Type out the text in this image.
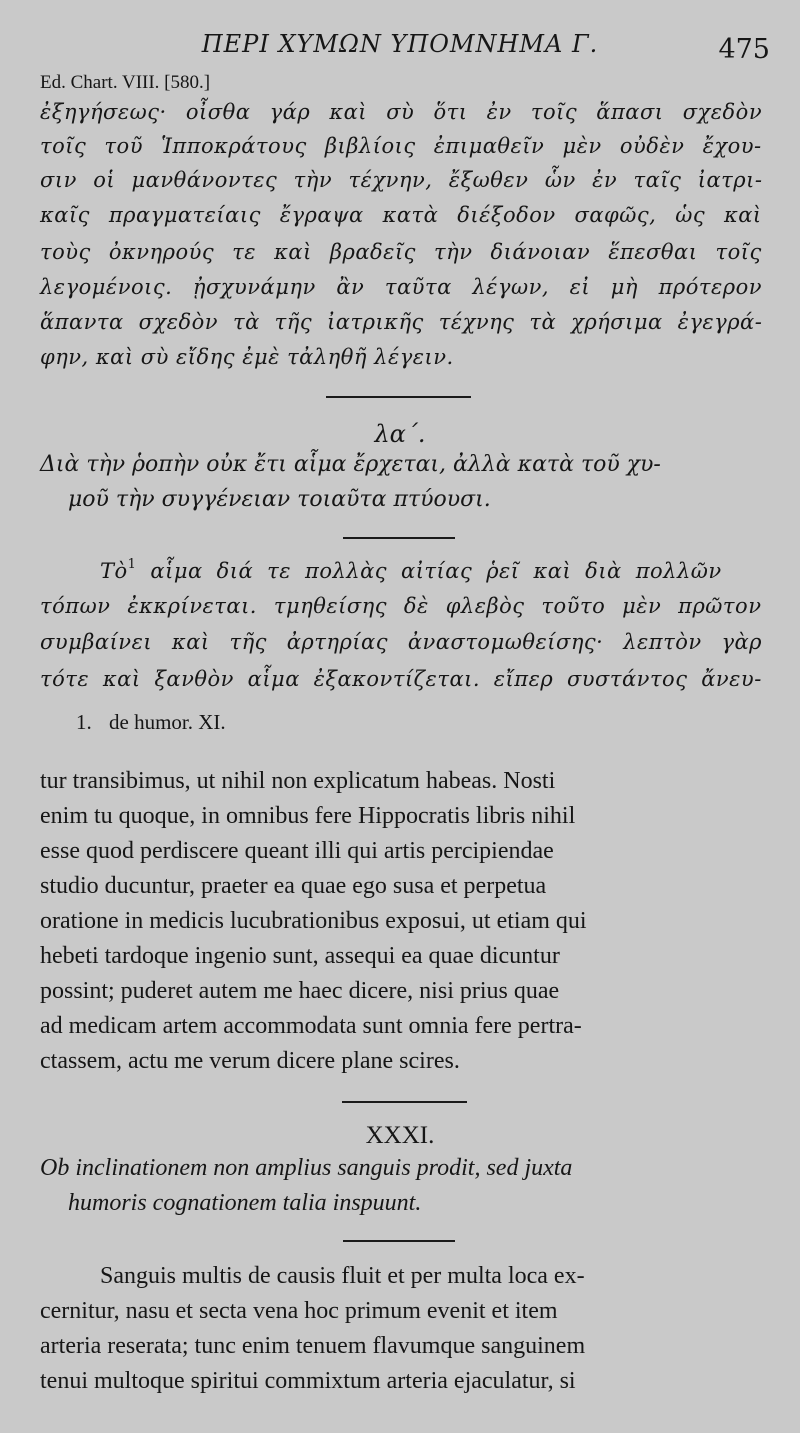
ΠΕΡΙ ΧΥΜΩΝ ΥΠΟΜΝΗΜΑ Γ.	475
Ed. Chart. VIII. [580.]
ἐξηγήσεως· οἶσθα γάρ καὶ σὺ ὅτι ἐν τοῖς ἅπασι σχεδὸν
τοῖς τοῦ Ἱπποκράτους βιβλίοις ἐπιμαθεῖν μὲν οὐδὲν ἔχου-
σιν οἱ μανθάνοντες τὴν τέχνην, ἔξωθεν ὧν ἐν ταῖς ἰατρι-
καῖς πραγματείαις ἔγραψα κατὰ διέξοδον σαφῶς, ὡς καὶ
τοὺς ὀκνηρούς τε καὶ βραδεῖς τὴν διάνοιαν ἕπεσθαι τοῖς
λεγομένοις. ᾐσχυνάμην ἂν ταῦτα λέγων, εἰ μὴ πρότερον
ἅπαντα σχεδὸν τὰ τῆς ἰατρικῆς τέχνης τὰ χρήσιμα ἐγεγρά-
φην, καὶ σὺ εἴδης ἐμὲ τἀληθῆ λέγειν.
λα΄.
Διὰ τὴν ῥοπὴν οὐκ ἔτι αἷμα ἔρχεται, ἀλλὰ κατὰ τοῦ χυ-
μοῦ τὴν συγγένειαν τοιαῦτα πτύουσι.
Τὸ$^1$ αἷμα διά τε πολλὰς αἰτίας ῥεῖ καὶ διὰ πολλῶν
τόπων ἐκκρίνεται. τμηθείσης δὲ φλεβὸς τοῦτο μὲν πρῶτον
συμβαίνει καὶ τῆς ἀρτηρίας ἀναστομωθείσης· λεπτὸν γὰρ
τότε καὶ ξανθὸν αἷμα ἐξακοντίζεται. εἴπερ συστάντος ἄνευ-
1. de humor. XI.
tur transibimus, ut nihil non explicatum habeas. Nosti
enim tu quoque, in omnibus fere Hippocratis libris nihil
esse quod perdiscere queant illi qui artis percipiendae
studio ducuntur, praeter ea quae ego susa et perpetua
oratione in medicis lucubrationibus exposui, ut etiam qui
hebeti tardoque ingenio sunt, assequi ea quae dicuntur
possint; puderet autem me haec dicere, nisi prius quae
ad medicam artem accommodata sunt omnia fere pertra-
ctassem, actu me verum dicere plane scires.
XXXI.
Ob inclinationem non amplius sanguis prodit, sed juxta
humoris cognationem talia inspuunt.
Sanguis multis de causis fluit et per multa loca ex-
cernitur, nasu et secta vena hoc primum evenit et item
arteria reserata; tunc enim tenuem flavumque sanguinem
tenui multoque spiritui commixtum arteria ejaculatur, si
